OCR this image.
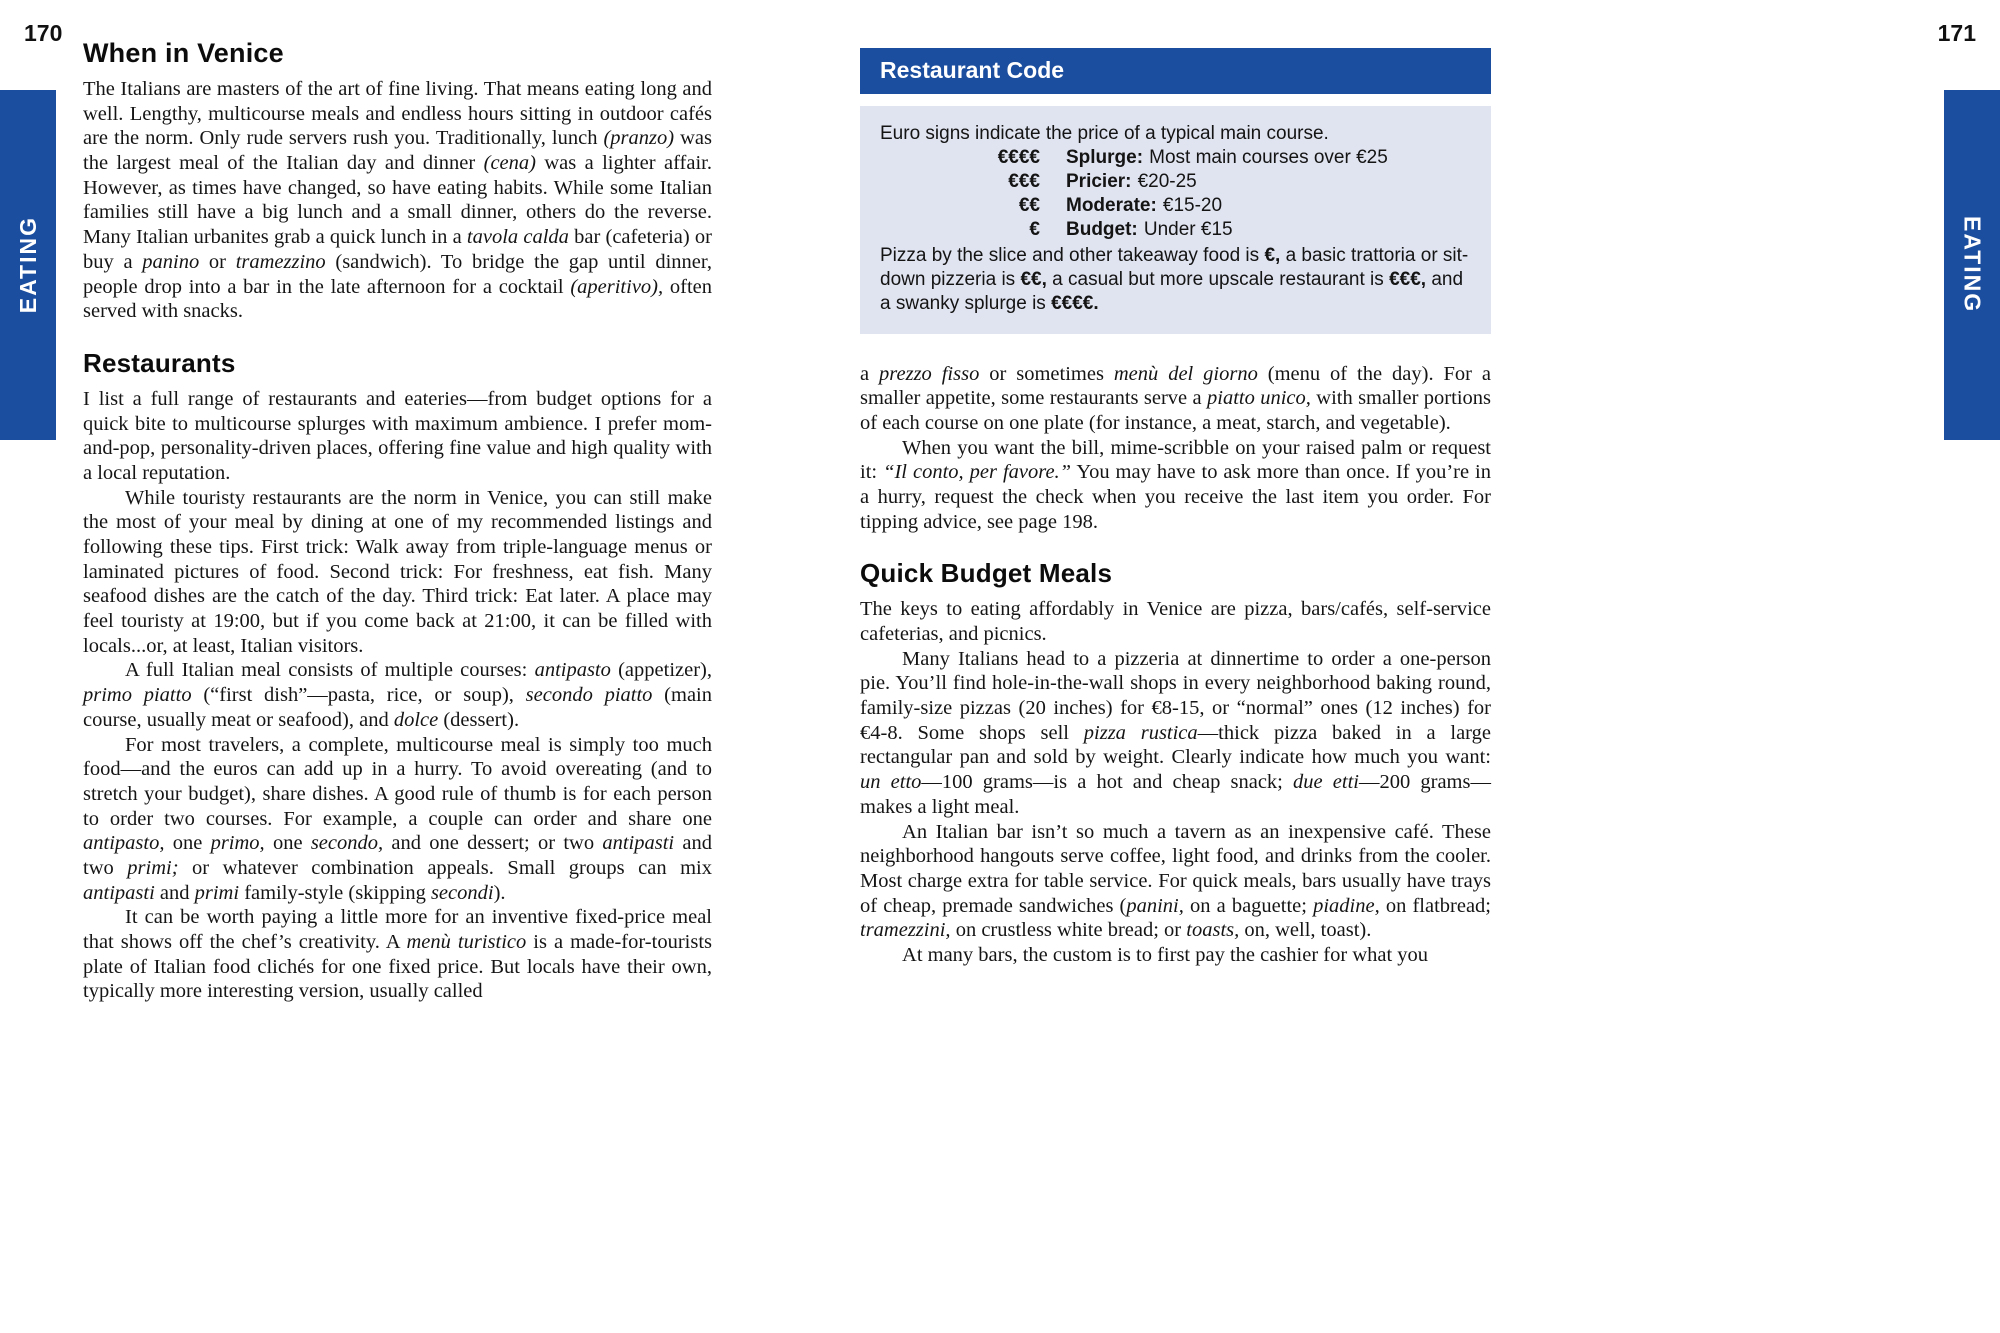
170	171
EATING	EATING
When in Venice

The Italians are masters of the art of fine living. That means eating long and well. Lengthy, multicourse meals and endless hours sitting in outdoor cafés are the norm. Only rude servers rush you. Traditionally, lunch (pranzo) was the largest meal of the Italian day and dinner (cena) was a lighter affair. However, as times have changed, so have eating habits. While some Italian families still have a big lunch and a small dinner, others do the reverse. Many Italian urbanites grab a quick lunch in a tavola calda bar (cafeteria) or buy a panino or tramezzino (sandwich). To bridge the gap until dinner, people drop into a bar in the late afternoon for a cocktail (aperitivo), often served with snacks.

Restaurants

I list a full range of restaurants and eateries—from budget options for a quick bite to multicourse splurges with maximum ambience. I prefer mom-and-pop, personality-driven places, offering fine value and high quality with a local reputation.

While touristy restaurants are the norm in Venice, you can still make the most of your meal by dining at one of my recommended listings and following these tips. First trick: Walk away from triple-language menus or laminated pictures of food. Second trick: For freshness, eat fish. Many seafood dishes are the catch of the day. Third trick: Eat later. A place may feel touristy at 19:00, but if you come back at 21:00, it can be filled with locals...or, at least, Italian visitors.

A full Italian meal consists of multiple courses: antipasto (appetizer), primo piatto (“first dish”—pasta, rice, or soup), secondo piatto (main course, usually meat or seafood), and dolce (dessert).

For most travelers, a complete, multicourse meal is simply too much food—and the euros can add up in a hurry. To avoid overeating (and to stretch your budget), share dishes. A good rule of thumb is for each person to order two courses. For example, a couple can order and share one antipasto, one primo, one secondo, and one dessert; or two antipasti and two primi; or whatever combination appeals. Small groups can mix antipasti and primi family-style (skipping secondi).

It can be worth paying a little more for an inventive fixed-price meal that shows off the chef’s creativity. A menù turistico is a made-for-tourists plate of Italian food clichés for one fixed price. But locals have their own, typically more interesting version, usually called

Restaurant Code
Euro signs indicate the price of a typical main course.
€€€€ Splurge: Most main courses over €25
€€€ Pricier: €20-25
€€ Moderate: €15-20
€ Budget: Under €15
Pizza by the slice and other takeaway food is €, a basic trattoria or sit-down pizzeria is €€, a casual but more upscale restaurant is €€€, and a swanky splurge is €€€€.

a prezzo fisso or sometimes menù del giorno (menu of the day). For a smaller appetite, some restaurants serve a piatto unico, with smaller portions of each course on one plate (for instance, a meat, starch, and vegetable).

When you want the bill, mime-scribble on your raised palm or request it: “Il conto, per favore.” You may have to ask more than once. If you’re in a hurry, request the check when you receive the last item you order. For tipping advice, see page 198.

Quick Budget Meals

The keys to eating affordably in Venice are pizza, bars/cafés, self-service cafeterias, and picnics.

Many Italians head to a pizzeria at dinnertime to order a one-person pie. You’ll find hole-in-the-wall shops in every neighborhood baking round, family-size pizzas (20 inches) for €8-15, or “normal” ones (12 inches) for €4-8. Some shops sell pizza rustica—thick pizza baked in a large rectangular pan and sold by weight. Clearly indicate how much you want: un etto—100 grams—is a hot and cheap snack; due etti—200 grams—makes a light meal.

An Italian bar isn’t so much a tavern as an inexpensive café. These neighborhood hangouts serve coffee, light food, and drinks from the cooler. Most charge extra for table service. For quick meals, bars usually have trays of cheap, premade sandwiches (panini, on a baguette; piadine, on flatbread; tramezzini, on crustless white bread; or toasts, on, well, toast).

At many bars, the custom is to first pay the cashier for what you
